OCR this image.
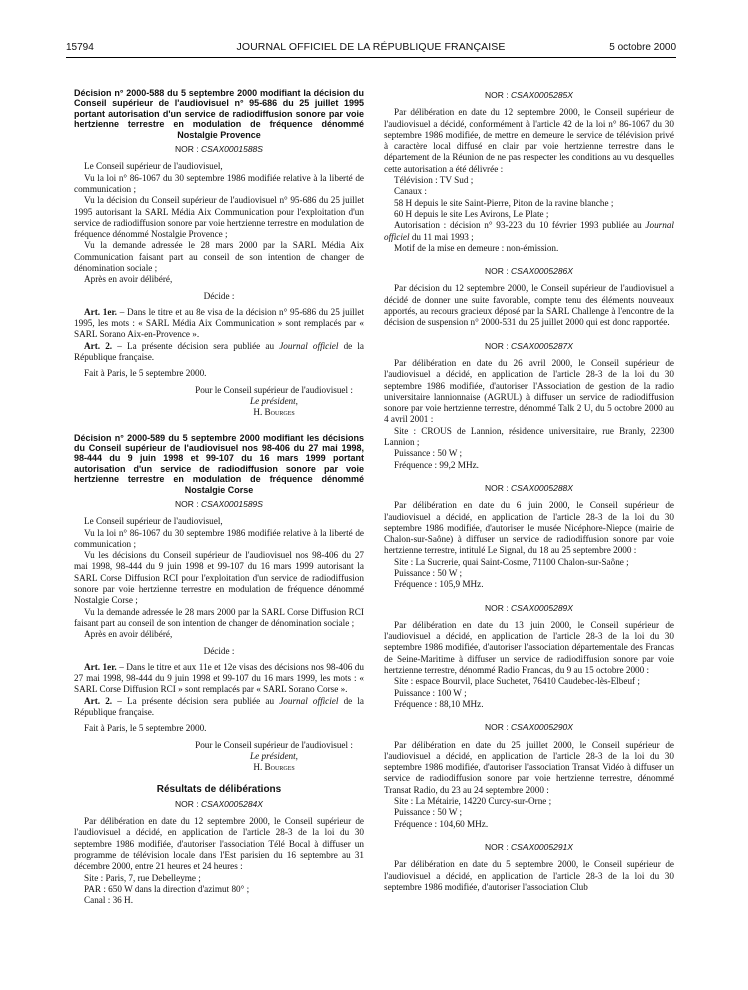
15794	JOURNAL OFFICIEL DE LA RÉPUBLIQUE FRANÇAISE	5 octobre 2000
Décision n° 2000-588 du 5 septembre 2000 modifiant la décision du Conseil supérieur de l'audiovisuel n° 95-686 du 25 juillet 1995 portant autorisation d'un service de radiodiffusion sonore par voie hertzienne terrestre en modulation de fréquence dénommé Nostalgie Provence
NOR : CSAX0001588S

Le Conseil supérieur de l'audiovisuel,

Vu la loi n° 86-1067 du 30 septembre 1986 modifiée relative à la liberté de communication ;

Vu la décision du Conseil supérieur de l'audiovisuel n° 95-686 du 25 juillet 1995 autorisant la SARL Média Aix Communication pour l'exploitation d'un service de radiodiffusion sonore par voie hertzienne terrestre en modulation de fréquence dénommé Nostalgie Provence ;

Vu la demande adressée le 28 mars 2000 par la SARL Média Aix Communication faisant part au conseil de son intention de changer de dénomination sociale ;

Après en avoir délibéré,

Décide :

Art. 1er. – Dans le titre et au 8e visa de la décision n° 95-686 du 25 juillet 1995, les mots : « SARL Média Aix Communication » sont remplacés par « SARL Sorano Aix-en-Provence ».

Art. 2. – La présente décision sera publiée au Journal officiel de la République française.

Fait à Paris, le 5 septembre 2000.

Pour le Conseil supérieur de l'audiovisuel :

Le président,

H. Bourges

Décision n° 2000-589 du 5 septembre 2000 modifiant les décisions du Conseil supérieur de l'audiovisuel nos 98-406 du 27 mai 1998, 98-444 du 9 juin 1998 et 99-107 du 16 mars 1999 portant autorisation d'un service de radiodiffusion sonore par voie hertzienne terrestre en modulation de fréquence dénommé Nostalgie Corse
NOR : CSAX0001589S

Le Conseil supérieur de l'audiovisuel,

Vu la loi n° 86-1067 du 30 septembre 1986 modifiée relative à la liberté de communication ;

Vu les décisions du Conseil supérieur de l'audiovisuel nos 98-406 du 27 mai 1998, 98-444 du 9 juin 1998 et 99-107 du 16 mars 1999 autorisant la SARL Corse Diffusion RCI pour l'exploitation d'un service de radiodiffusion sonore par voie hertzienne terrestre en modulation de fréquence dénommé Nostalgie Corse ;

Vu la demande adressée le 28 mars 2000 par la SARL Corse Diffusion RCI faisant part au conseil de son intention de changer de dénomination sociale ;

Après en avoir délibéré,

Décide :

Art. 1er. – Dans le titre et aux 11e et 12e visas des décisions nos 98-406 du 27 mai 1998, 98-444 du 9 juin 1998 et 99-107 du 16 mars 1999, les mots : « SARL Corse Diffusion RCI » sont remplacés par « SARL Sorano Corse ».

Art. 2. – La présente décision sera publiée au Journal officiel de la République française.

Fait à Paris, le 5 septembre 2000.

Pour le Conseil supérieur de l'audiovisuel :

Le président,

H. Bourges

Résultats de délibérations
NOR : CSAX0005284X

Par délibération en date du 12 septembre 2000, le Conseil supérieur de l'audiovisuel a décidé, en application de l'article 28-3 de la loi du 30 septembre 1986 modifiée, d'autoriser l'association Télé Bocal à diffuser un programme de télévision locale dans l'Est parisien du 16 septembre au 31 décembre 2000, entre 21 heures et 24 heures :

Site : Paris, 7, rue Debelleyme ;

PAR : 650 W dans la direction d'azimut 80° ;

Canal : 36 H.

NOR : CSAX0005285X

Par délibération en date du 12 septembre 2000, le Conseil supérieur de l'audiovisuel a décidé, conformément à l'article 42 de la loi n° 86-1067 du 30 septembre 1986 modifiée, de mettre en demeure le service de télévision privé à caractère local diffusé en clair par voie hertzienne terrestre dans le département de la Réunion de ne pas respecter les conditions au vu desquelles cette autorisation a été délivrée :

Télévision : TV Sud ;

Canaux :

58 H depuis le site Saint-Pierre, Piton de la ravine blanche ;

60 H depuis le site Les Avirons, Le Plate ;

Autorisation : décision n° 93-223 du 10 février 1993 publiée au Journal officiel du 11 mai 1993 ;

Motif de la mise en demeure : non-émission.

NOR : CSAX0005286X

Par décision du 12 septembre 2000, le Conseil supérieur de l'audiovisuel a décidé de donner une suite favorable, compte tenu des éléments nouveaux apportés, au recours gracieux déposé par la SARL Challenge à l'encontre de la décision de suspension n° 2000-531 du 25 juillet 2000 qui est donc rapportée.

NOR : CSAX0005287X

Par délibération en date du 26 avril 2000, le Conseil supérieur de l'audiovisuel a décidé, en application de l'article 28-3 de la loi du 30 septembre 1986 modifiée, d'autoriser l'Association de gestion de la radio universitaire lannionnaise (AGRUL) à diffuser un service de radiodiffusion sonore par voie hertzienne terrestre, dénommé Talk 2 U, du 5 octobre 2000 au 4 avril 2001 :

Site : CROUS de Lannion, résidence universitaire, rue Branly, 22300 Lannion ;

Puissance : 50 W ;

Fréquence : 99,2 MHz.

NOR : CSAX0005288X

Par délibération en date du 6 juin 2000, le Conseil supérieur de l'audiovisuel a décidé, en application de l'article 28-3 de la loi du 30 septembre 1986 modifiée, d'autoriser le musée Nicéphore-Niepce (mairie de Chalon-sur-Saône) à diffuser un service de radiodiffusion sonore par voie hertzienne terrestre, intitulé Le Signal, du 18 au 25 septembre 2000 :

Site : La Sucrerie, quai Saint-Cosme, 71100 Chalon-sur-Saône ;

Puissance : 50 W ;

Fréquence : 105,9 MHz.

NOR : CSAX0005289X

Par délibération en date du 13 juin 2000, le Conseil supérieur de l'audiovisuel a décidé, en application de l'article 28-3 de la loi du 30 septembre 1986 modifiée, d'autoriser l'association départementale des Francas de Seine-Maritime à diffuser un service de radiodiffusion sonore par voie hertzienne terrestre, dénommé Radio Francas, du 9 au 15 octobre 2000 :

Site : espace Bourvil, place Suchetet, 76410 Caudebec-lès-Elbeuf ;

Puissance : 100 W ;

Fréquence : 88,10 MHz.

NOR : CSAX0005290X

Par délibération en date du 25 juillet 2000, le Conseil supérieur de l'audiovisuel a décidé, en application de l'article 28-3 de la loi du 30 septembre 1986 modifiée, d'autoriser l'association Transat Vidéo à diffuser un service de radiodiffusion sonore par voie hertzienne terrestre, dénommé Transat Radio, du 23 au 24 septembre 2000 :

Site : La Métairie, 14220 Curcy-sur-Orne ;

Puissance : 50 W ;

Fréquence : 104,60 MHz.

NOR : CSAX0005291X

Par délibération en date du 5 septembre 2000, le Conseil supérieur de l'audiovisuel a décidé, en application de l'article 28-3 de la loi du 30 septembre 1986 modifiée, d'autoriser l'association Club
